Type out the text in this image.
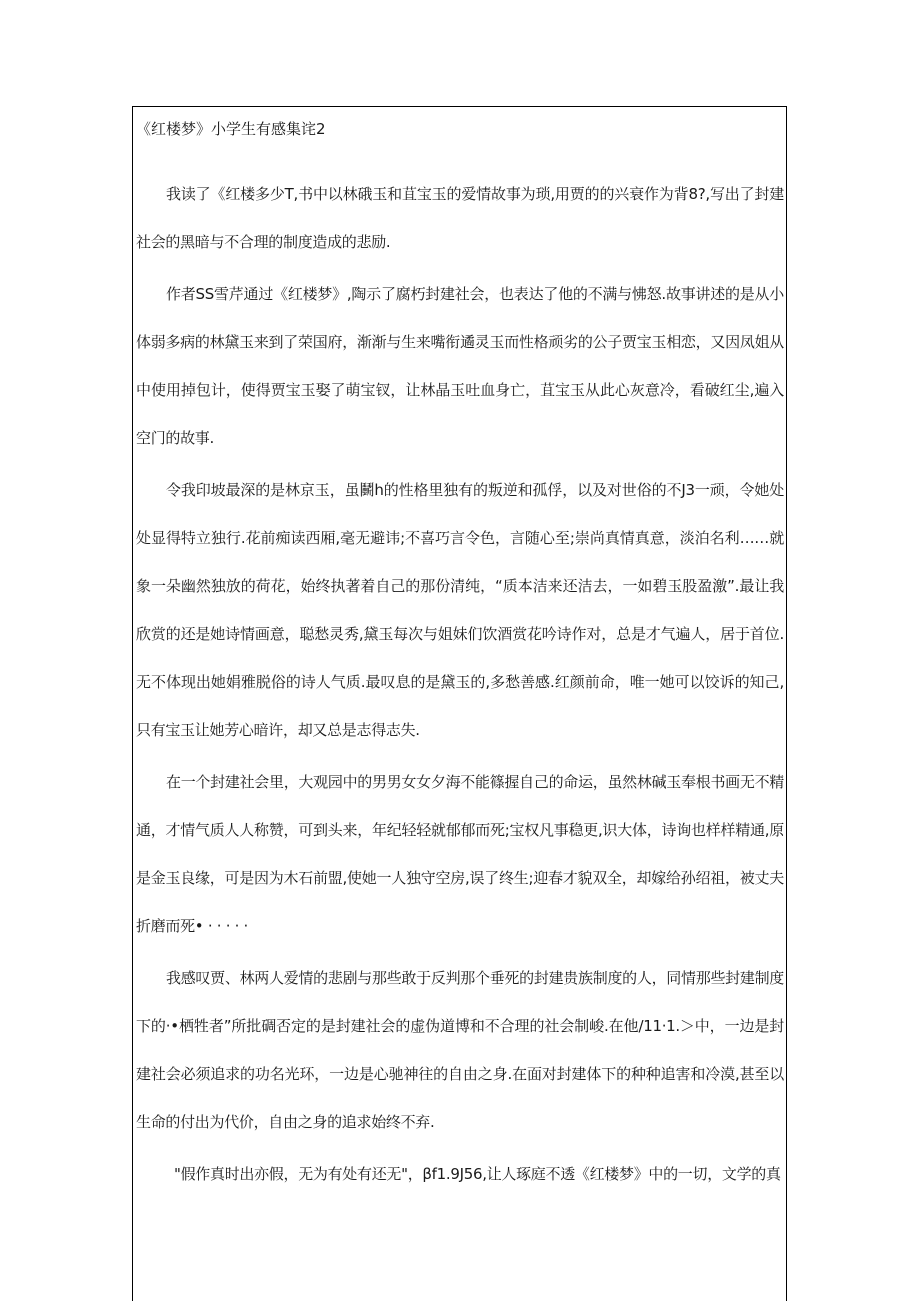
《红楼梦》小学生有感集诧2

我读了《红楼多少T,书中以林硪玉和苴宝玉的爱情故事为琐,用贾的的兴衰作为背8?,写出了封建社会的黑暗与不合理的制度造成的悲励.

作者SS雪芹通过《红楼梦》,陶示了腐朽封建社会，也表达了他的不满与怫怒.故事讲述的是从小体弱多病的林黛玉来到了荣国府，渐渐与生来嘴衔遹灵玉而性格顽劣的公子贾宝玉相恋，又因凤姐从中使用掉包计，使得贾宝玉娶了萌宝钗，让林晶玉吐血身亡，苴宝玉从此心灰意冷，看破红尘,遍入空门的故事.

令我印坡最深的是林京玉，虽鬭h的性格里独有的叛逆和孤俘，以及对世俗的不J3一顽，令她处处显得特立独行.花前痴读西厢,毫无避讳;不喜巧言令色，言随心至;崇尚真情真意，淡泊名利……就象一朵幽然独放的荷花，始终执著着自己的那份清纯，“质本洁来还洁去，一如碧玉股盈激”.最让我欣赏的还是她诗情画意，聪愁灵秀,黛玉每次与姐妹们饮酒赏花吟诗作对，总是才气遍人，居于首位.无不体现出她娟雅脱俗的诗人气质.最叹息的是黛玉的,多愁善感.红颜前命，唯一她可以饺诉的知己,只有宝玉让她芳心暗许，却又总是志得志失.

在一个封建社会里，大观园中的男男女女夕海不能篠握自己的命运，虽然林碱玉奉根书画无不精通，才情气质人人称赞，可到头来，年纪轻轻就郁郁而死;宝权凡事稳更,识大体，诗询也样样精通,原是金玉良缘，可是因为木石前盟,使她一人独守空房,误了终生;迎春才貌双全，却嫁给孙绍祖，被丈夫折磨而死• · · · · ·

我感叹贾、林两人爱情的悲剧与那些敢于反判那个垂死的封建贵族制度的人，同情那些封建制度下的·•栖牲者”所批碉否定的是封建社会的虚伪道博和不合理的社会制峻.在他/11·1.＞中，一边是封建社会必须追求的功名光环，一边是心驰神往的自由之身.在面对封建体下的种种追害和冷漠,甚至以生命的付出为代价，自由之身的追求始终不弃.

"假作真时出亦假，无为有处有还无"，βf1.9J56,让人琢庭不透《红楼梦》中的一切，文学的真
